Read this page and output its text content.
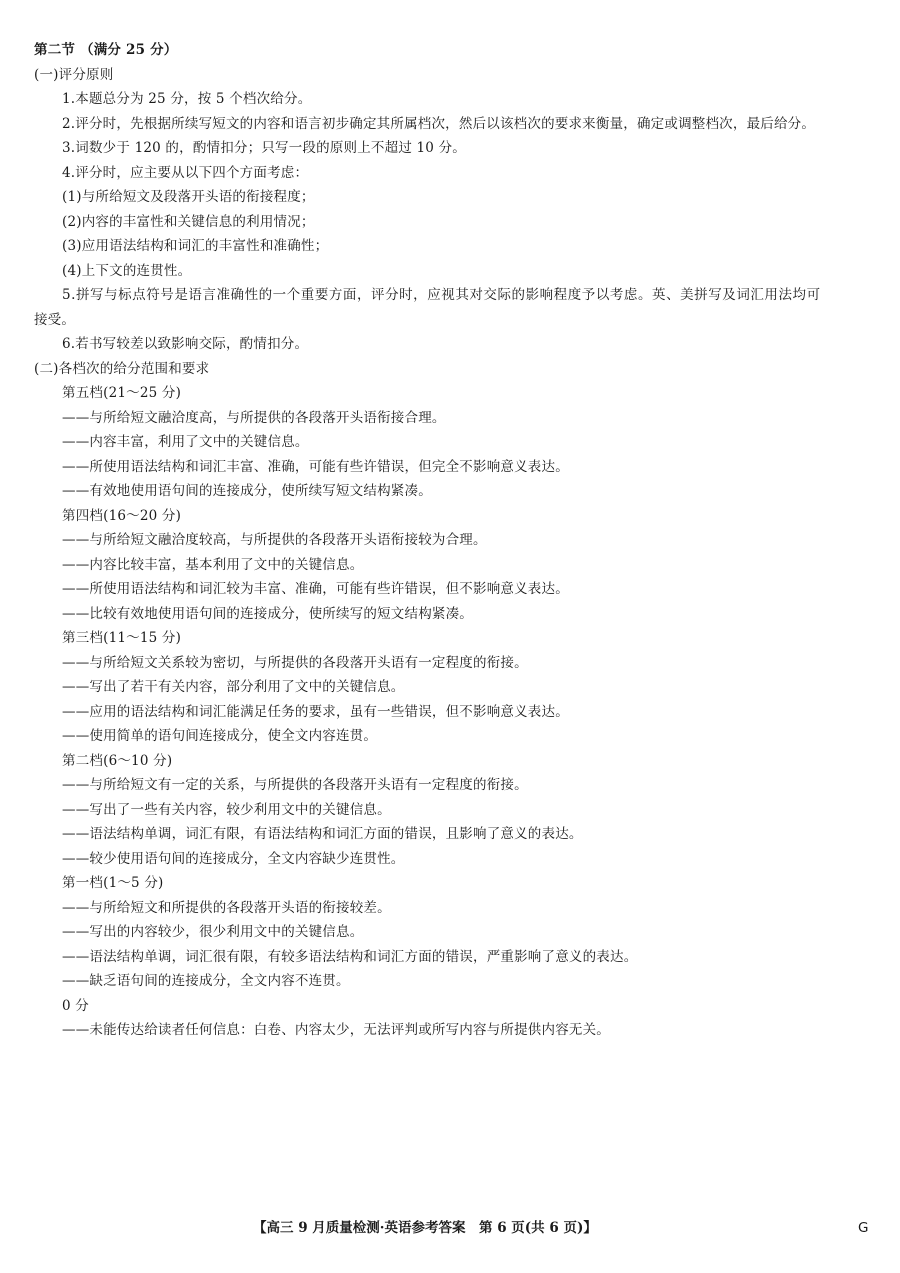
第二节 （满分 25 分）
(一)评分原则
1.本题总分为 25 分，按 5 个档次给分。
2.评分时，先根据所续写短文的内容和语言初步确定其所属档次，然后以该档次的要求来衡量，确定或调整档次，最后给分。
3.词数少于 120 的，酌情扣分；只写一段的原则上不超过 10 分。
4.评分时，应主要从以下四个方面考虑：
(1)与所给短文及段落开头语的衔接程度；
(2)内容的丰富性和关键信息的利用情况；
(3)应用语法结构和词汇的丰富性和准确性；
(4)上下文的连贯性。
5.拼写与标点符号是语言准确性的一个重要方面，评分时，应视其对交际的影响程度予以考虑。英、美拼写及词汇用法均可
接受。
6.若书写较差以致影响交际，酌情扣分。
(二)各档次的给分范围和要求
第五档(21～25 分)
——与所给短文融洽度高，与所提供的各段落开头语衔接合理。
——内容丰富，利用了文中的关键信息。
——所使用语法结构和词汇丰富、准确，可能有些许错误，但完全不影响意义表达。
——有效地使用语句间的连接成分，使所续写短文结构紧凑。
第四档(16～20 分)
——与所给短文融洽度较高，与所提供的各段落开头语衔接较为合理。
——内容比较丰富，基本利用了文中的关键信息。
——所使用语法结构和词汇较为丰富、准确，可能有些许错误，但不影响意义表达。
——比较有效地使用语句间的连接成分，使所续写的短文结构紧凑。
第三档(11～15 分)
——与所给短文关系较为密切，与所提供的各段落开头语有一定程度的衔接。
——写出了若干有关内容，部分利用了文中的关键信息。
——应用的语法结构和词汇能满足任务的要求，虽有一些错误，但不影响意义表达。
——使用简单的语句间连接成分，使全文内容连贯。
第二档(6～10 分)
——与所给短文有一定的关系，与所提供的各段落开头语有一定程度的衔接。
——写出了一些有关内容，较少利用文中的关键信息。
——语法结构单调，词汇有限，有语法结构和词汇方面的错误，且影响了意义的表达。
——较少使用语句间的连接成分，全文内容缺少连贯性。
第一档(1～5 分)
——与所给短文和所提供的各段落开头语的衔接较差。
——写出的内容较少，很少利用文中的关键信息。
——语法结构单调，词汇很有限，有较多语法结构和词汇方面的错误，严重影响了意义的表达。
——缺乏语句间的连接成分，全文内容不连贯。
0 分
——未能传达给读者任何信息：白卷、内容太少，无法评判或所写内容与所提供内容无关。
【高三 9 月质量检测·英语参考答案　第 6 页(共 6 页)】	G
